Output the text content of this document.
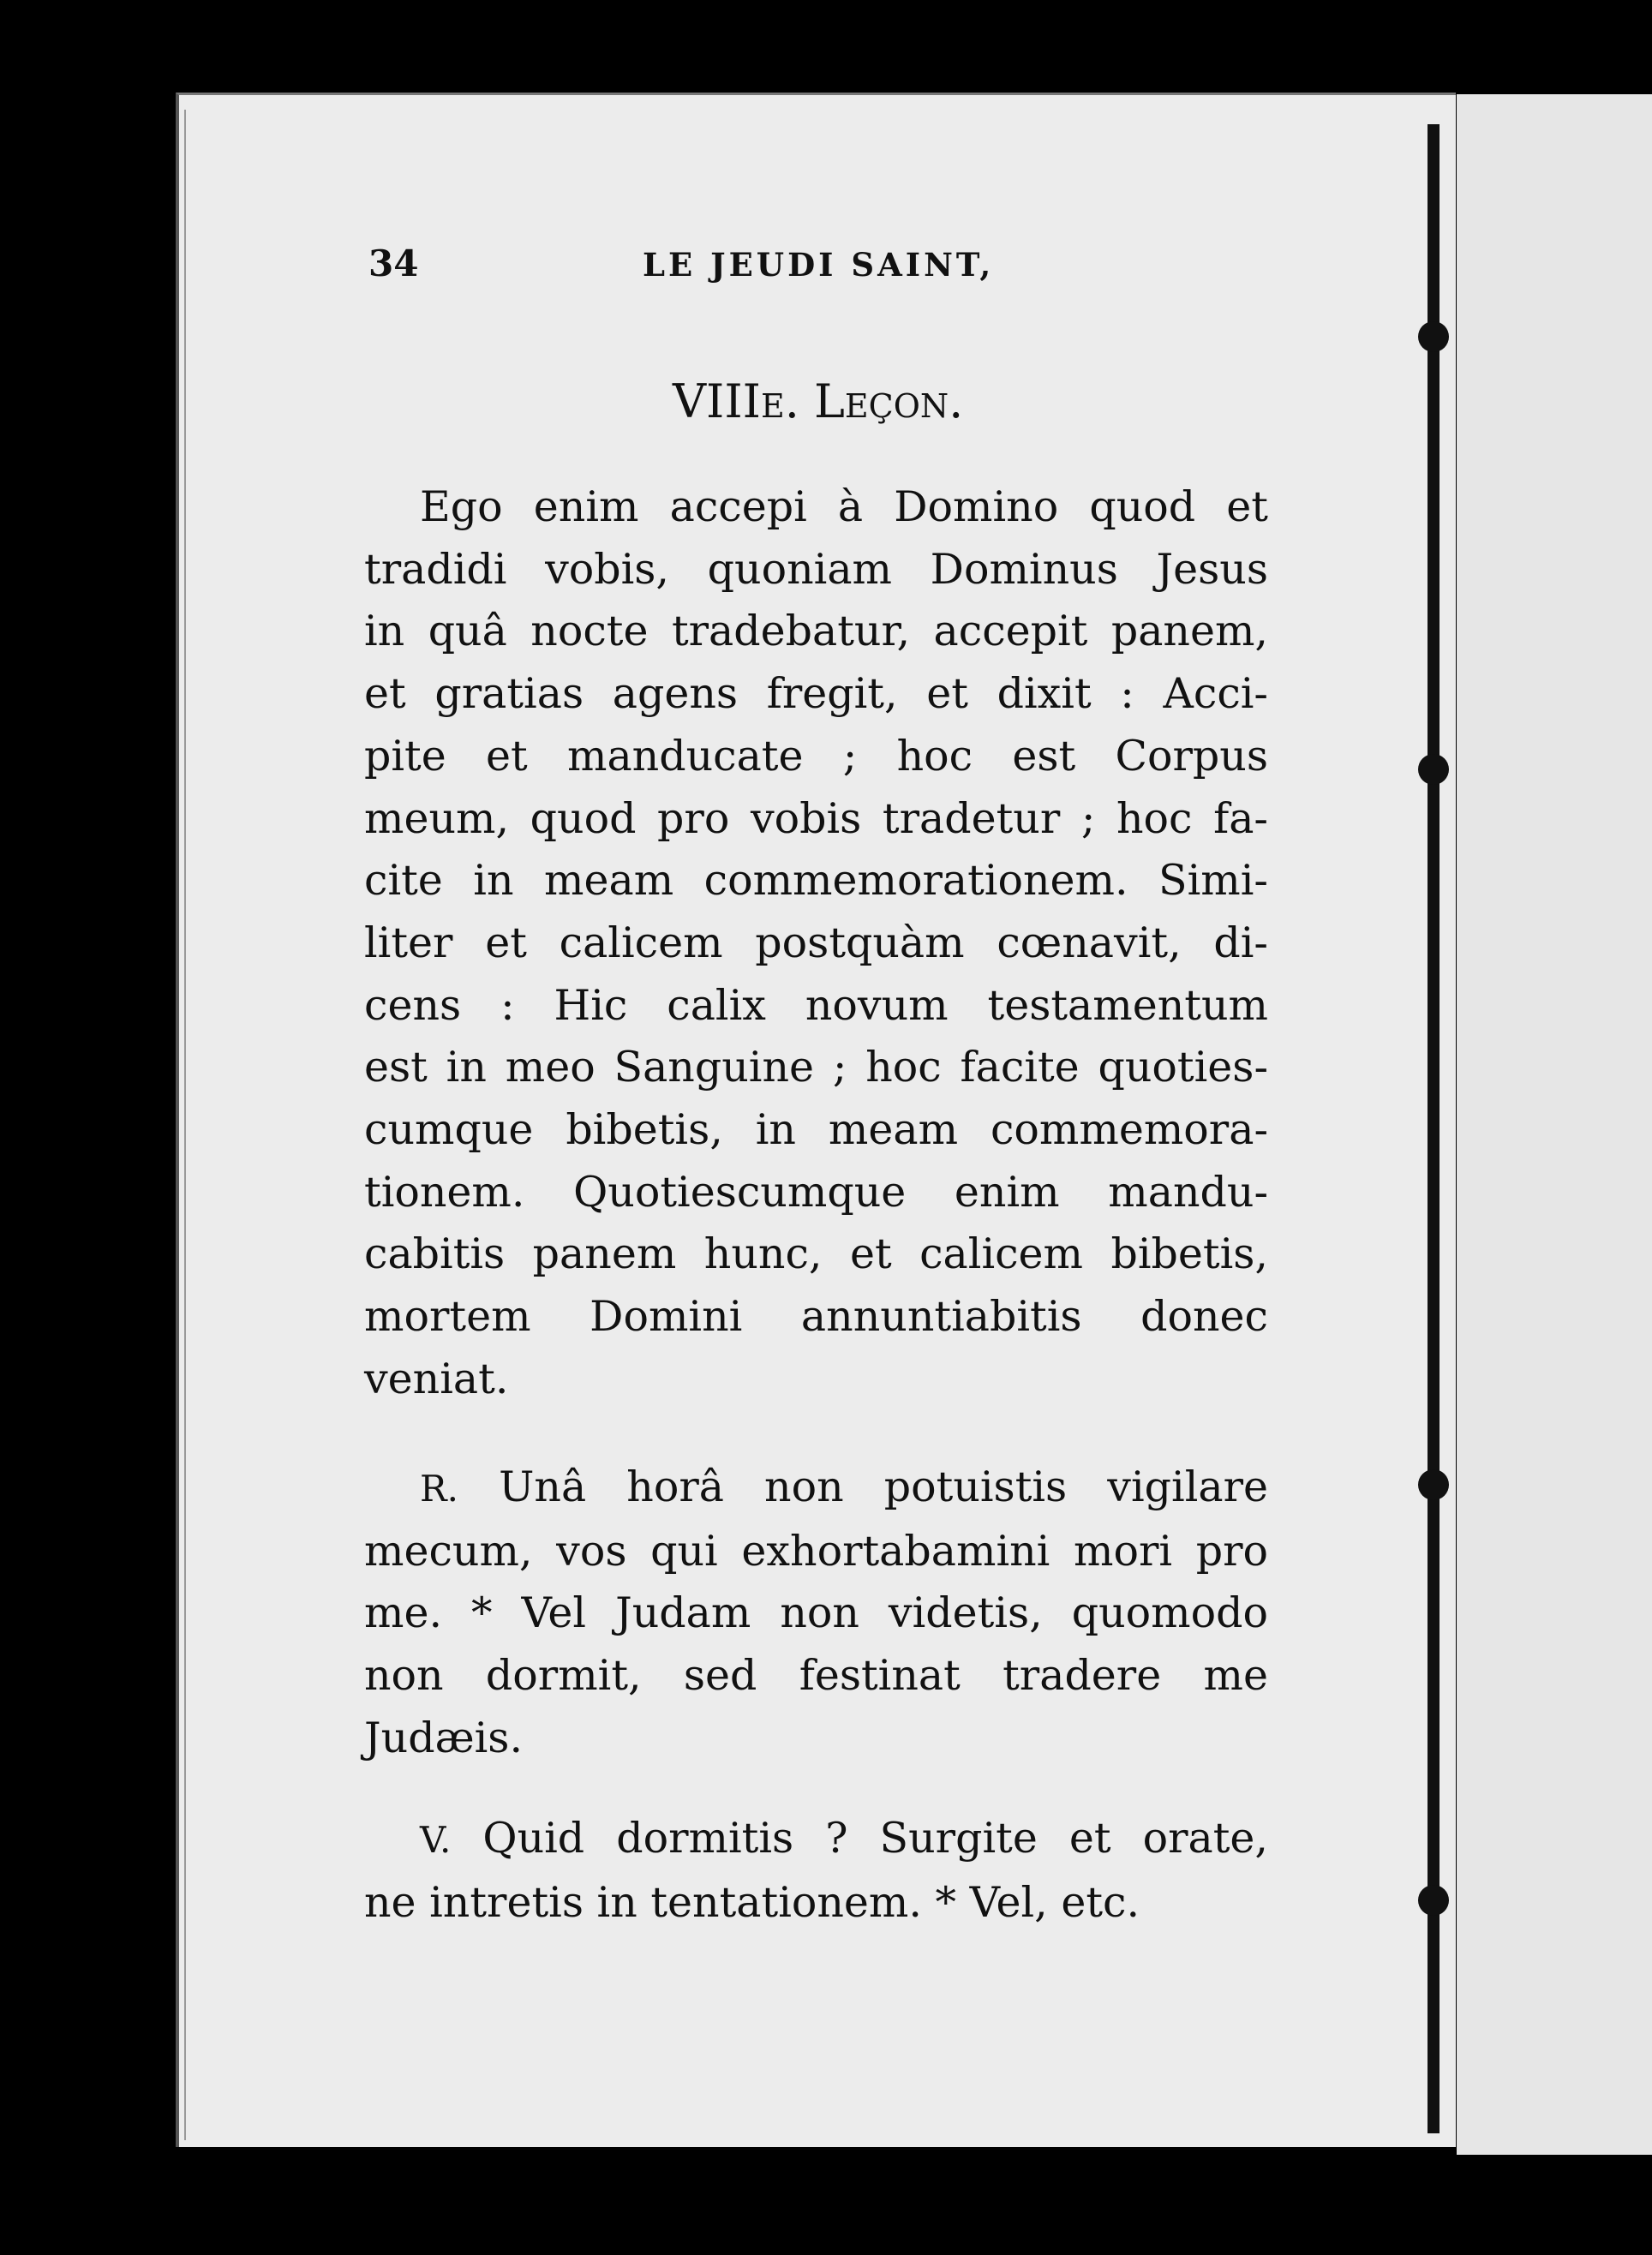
34	LE JEUDI SAINT,
VIIIe. Leçon.
Ego enim accepi à Domino quod et
tradidi vobis, quoniam Dominus Jesus
in quâ nocte tradebatur, accepit panem,
et gratias agens fregit, et dixit : Acci-
pite et manducate ; hoc est Corpus
meum, quod pro vobis tradetur ; hoc fa-
cite in meam commemorationem. Simi-
liter et calicem postquàm cœnavit, di-
cens : Hic calix novum testamentum
est in meo Sanguine ; hoc facite quoties-
cumque bibetis, in meam commemora-
tionem. Quotiescumque enim mandu-
cabitis panem hunc, et calicem bibetis,
mortem Domini annuntiabitis donec
veniat.
R. Unâ horâ non potuistis vigilare
mecum, vos qui exhortabamini mori pro
me. * Vel Judam non videtis, quomodo
non dormit, sed festinat tradere me
Judæis.
V. Quid dormitis ? Surgite et orate,
ne intretis in tentationem. * Vel, etc.
